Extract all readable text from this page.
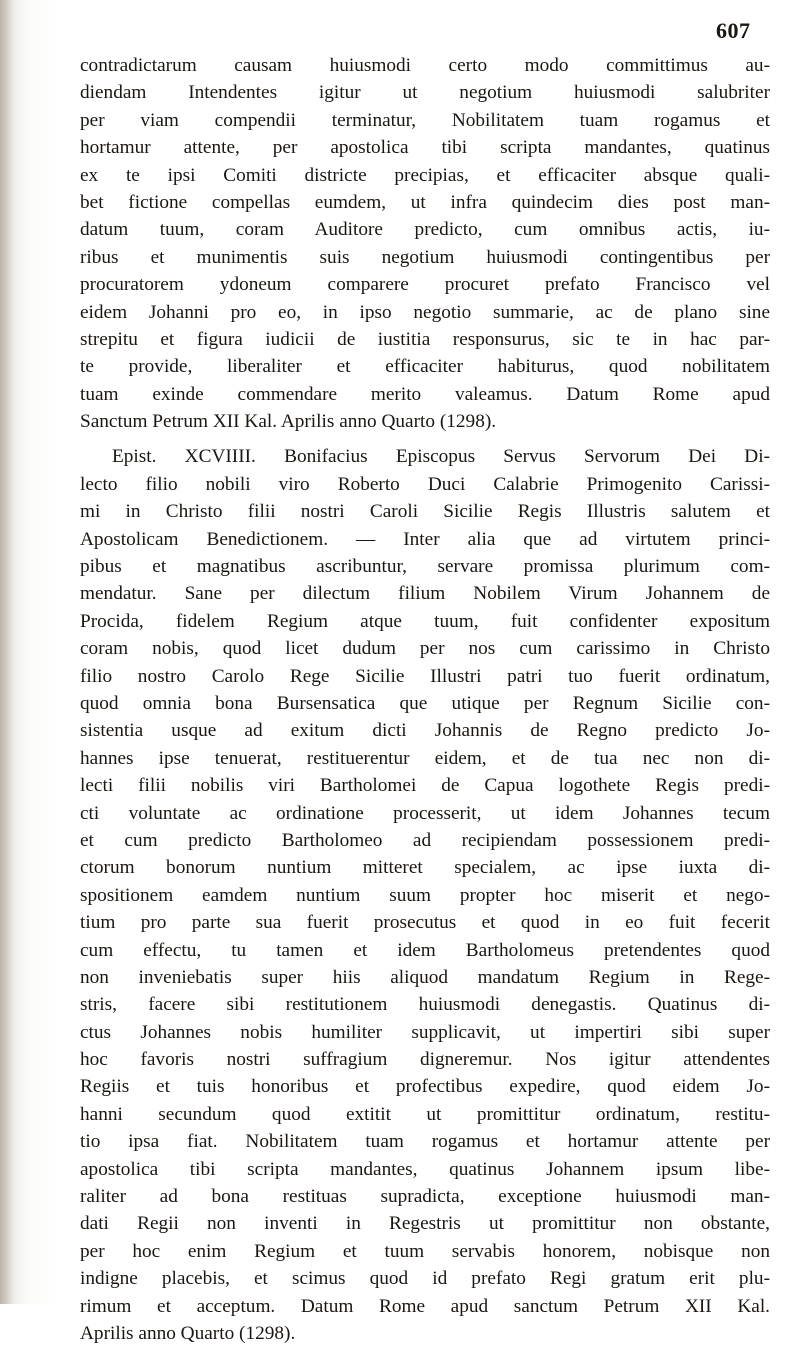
607
contradictarum causam huiusmodi certo modo committimus au-
diendam Intendentes igitur ut negotium huiusmodi salubriter
per viam compendii terminatur, Nobilitatem tuam rogamus et
hortamur attente, per apostolica tibi scripta mandantes, quatinus
ex te ipsi Comiti districte precipias, et efficaciter absque quali-
bet fictione compellas eumdem, ut infra quindecim dies post man-
datum tuum, coram Auditore predicto, cum omnibus actis, iu-
ribus et munimentis suis negotium huiusmodi contingentibus per
procuratorem ydoneum comparere procuret prefato Francisco vel
eidem Johanni pro eo, in ipso negotio summarie, ac de plano sine
strepitu et figura iudicii de iustitia responsurus, sic te in hac par-
te provide, liberaliter et efficaciter habiturus, quod nobilitatem
tuam exinde commendare merito valeamus. Datum Rome apud
Sanctum Petrum XII Kal. Aprilis anno Quarto (1298).
Epist. XCVIIII. Bonifacius Episcopus Servus Servorum Dei Di-
lecto filio nobili viro Roberto Duci Calabrie Primogenito Carissi-
mi in Christo filii nostri Caroli Sicilie Regis Illustris salutem et
Apostolicam Benedictionem. — Inter alia que ad virtutem princi-
pibus et magnatibus ascribuntur, servare promissa plurimum com-
mendatur. Sane per dilectum filium Nobilem Virum Johannem de
Procida, fidelem Regium atque tuum, fuit confidenter expositum
coram nobis, quod licet dudum per nos cum carissimo in Christo
filio nostro Carolo Rege Sicilie Illustri patri tuo fuerit ordinatum,
quod omnia bona Bursensatica que utique per Regnum Sicilie con-
sistentia usque ad exitum dicti Johannis de Regno predicto Jo-
hannes ipse tenuerat, restituerentur eidem, et de tua nec non di-
lecti filii nobilis viri Bartholomei de Capua logothete Regis predi-
cti voluntate ac ordinatione processerit, ut idem Johannes tecum
et cum predicto Bartholomeo ad recipiendam possessionem predi-
ctorum bonorum nuntium mitteret specialem, ac ipse iuxta di-
spositionem eamdem nuntium suum propter hoc miserit et nego-
tium pro parte sua fuerit prosecutus et quod in eo fuit fecerit
cum effectu, tu tamen et idem Bartholomeus pretendentes quod
non inveniebatis super hiis aliquod mandatum Regium in Rege-
stris, facere sibi restitutionem huiusmodi denegastis. Quatinus di-
ctus Johannes nobis humiliter supplicavit, ut impertiri sibi super
hoc favoris nostri suffragium digneremur. Nos igitur attendentes
Regiis et tuis honoribus et profectibus expedire, quod eidem Jo-
hanni secundum quod extitit ut promittitur ordinatum, restitu-
tio ipsa fiat. Nobilitatem tuam rogamus et hortamur attente per
apostolica tibi scripta mandantes, quatinus Johannem ipsum libe-
raliter ad bona restituas supradicta, exceptione huiusmodi man-
dati Regii non inventi in Regestris ut promittitur non obstante,
per hoc enim Regium et tuum servabis honorem, nobisque non
indigne placebis, et scimus quod id prefato Regi gratum erit plu-
rimum et acceptum. Datum Rome apud sanctum Petrum XII Kal.
Aprilis anno Quarto (1298).
